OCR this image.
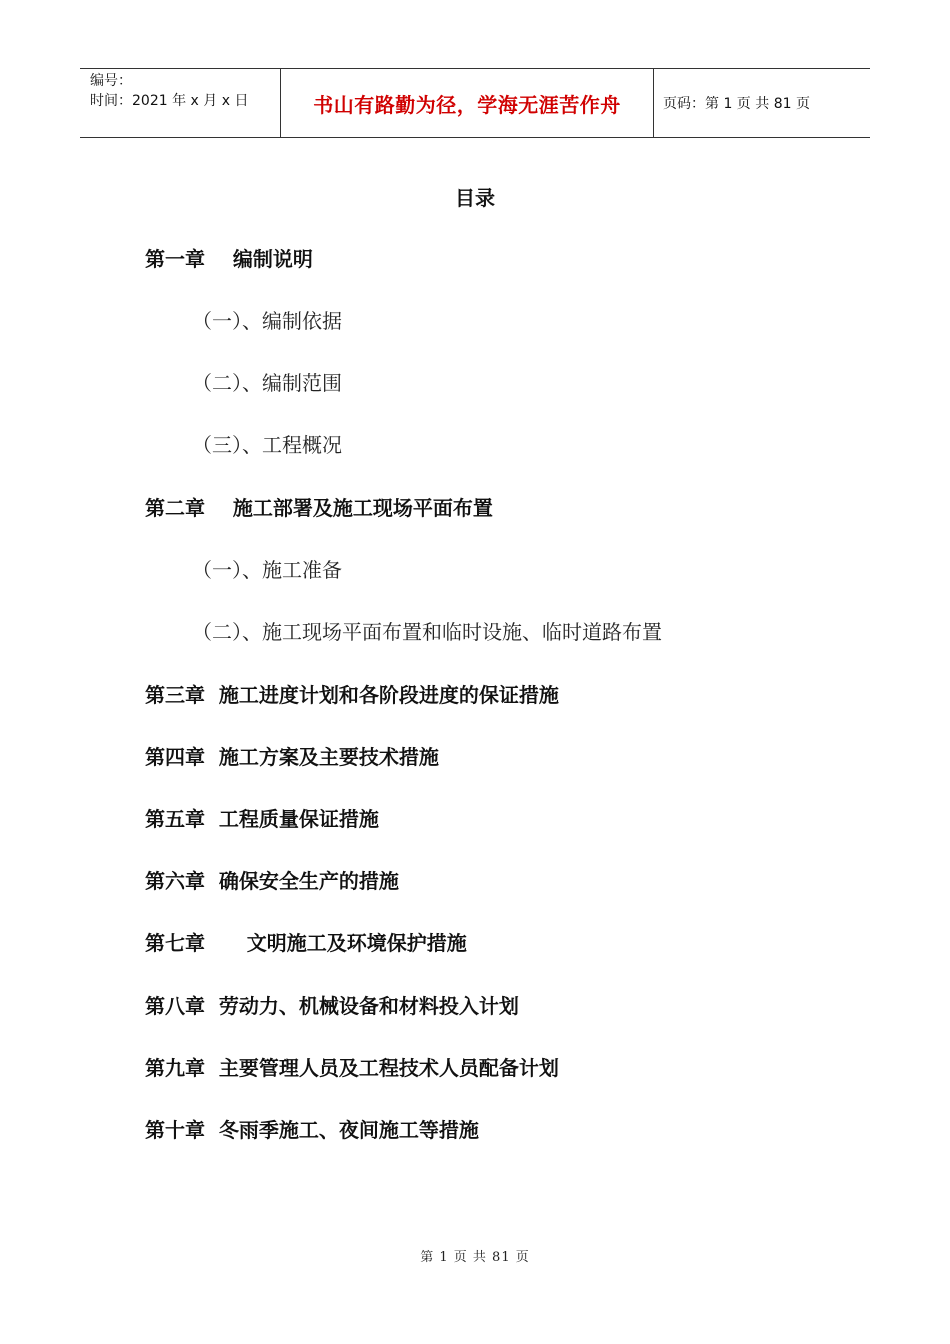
编号：
时间：2021 年 x 月 x 日	书山有路勤为径，学海无涯苦作舟	页码：第 1 页 共 81 页
目录
第一章    编制说明
（一）、编制依据
（二）、编制范围
（三）、工程概况
第二章    施工部署及施工现场平面布置
（一）、施工准备
（二）、施工现场平面布置和临时设施、临时道路布置
第三章  施工进度计划和各阶段进度的保证措施
第四章  施工方案及主要技术措施
第五章  工程质量保证措施
第六章  确保安全生产的措施
第七章      文明施工及环境保护措施
第八章  劳动力、机械设备和材料投入计划
第九章  主要管理人员及工程技术人员配备计划
第十章  冬雨季施工、夜间施工等措施
第 1 页 共 81 页
